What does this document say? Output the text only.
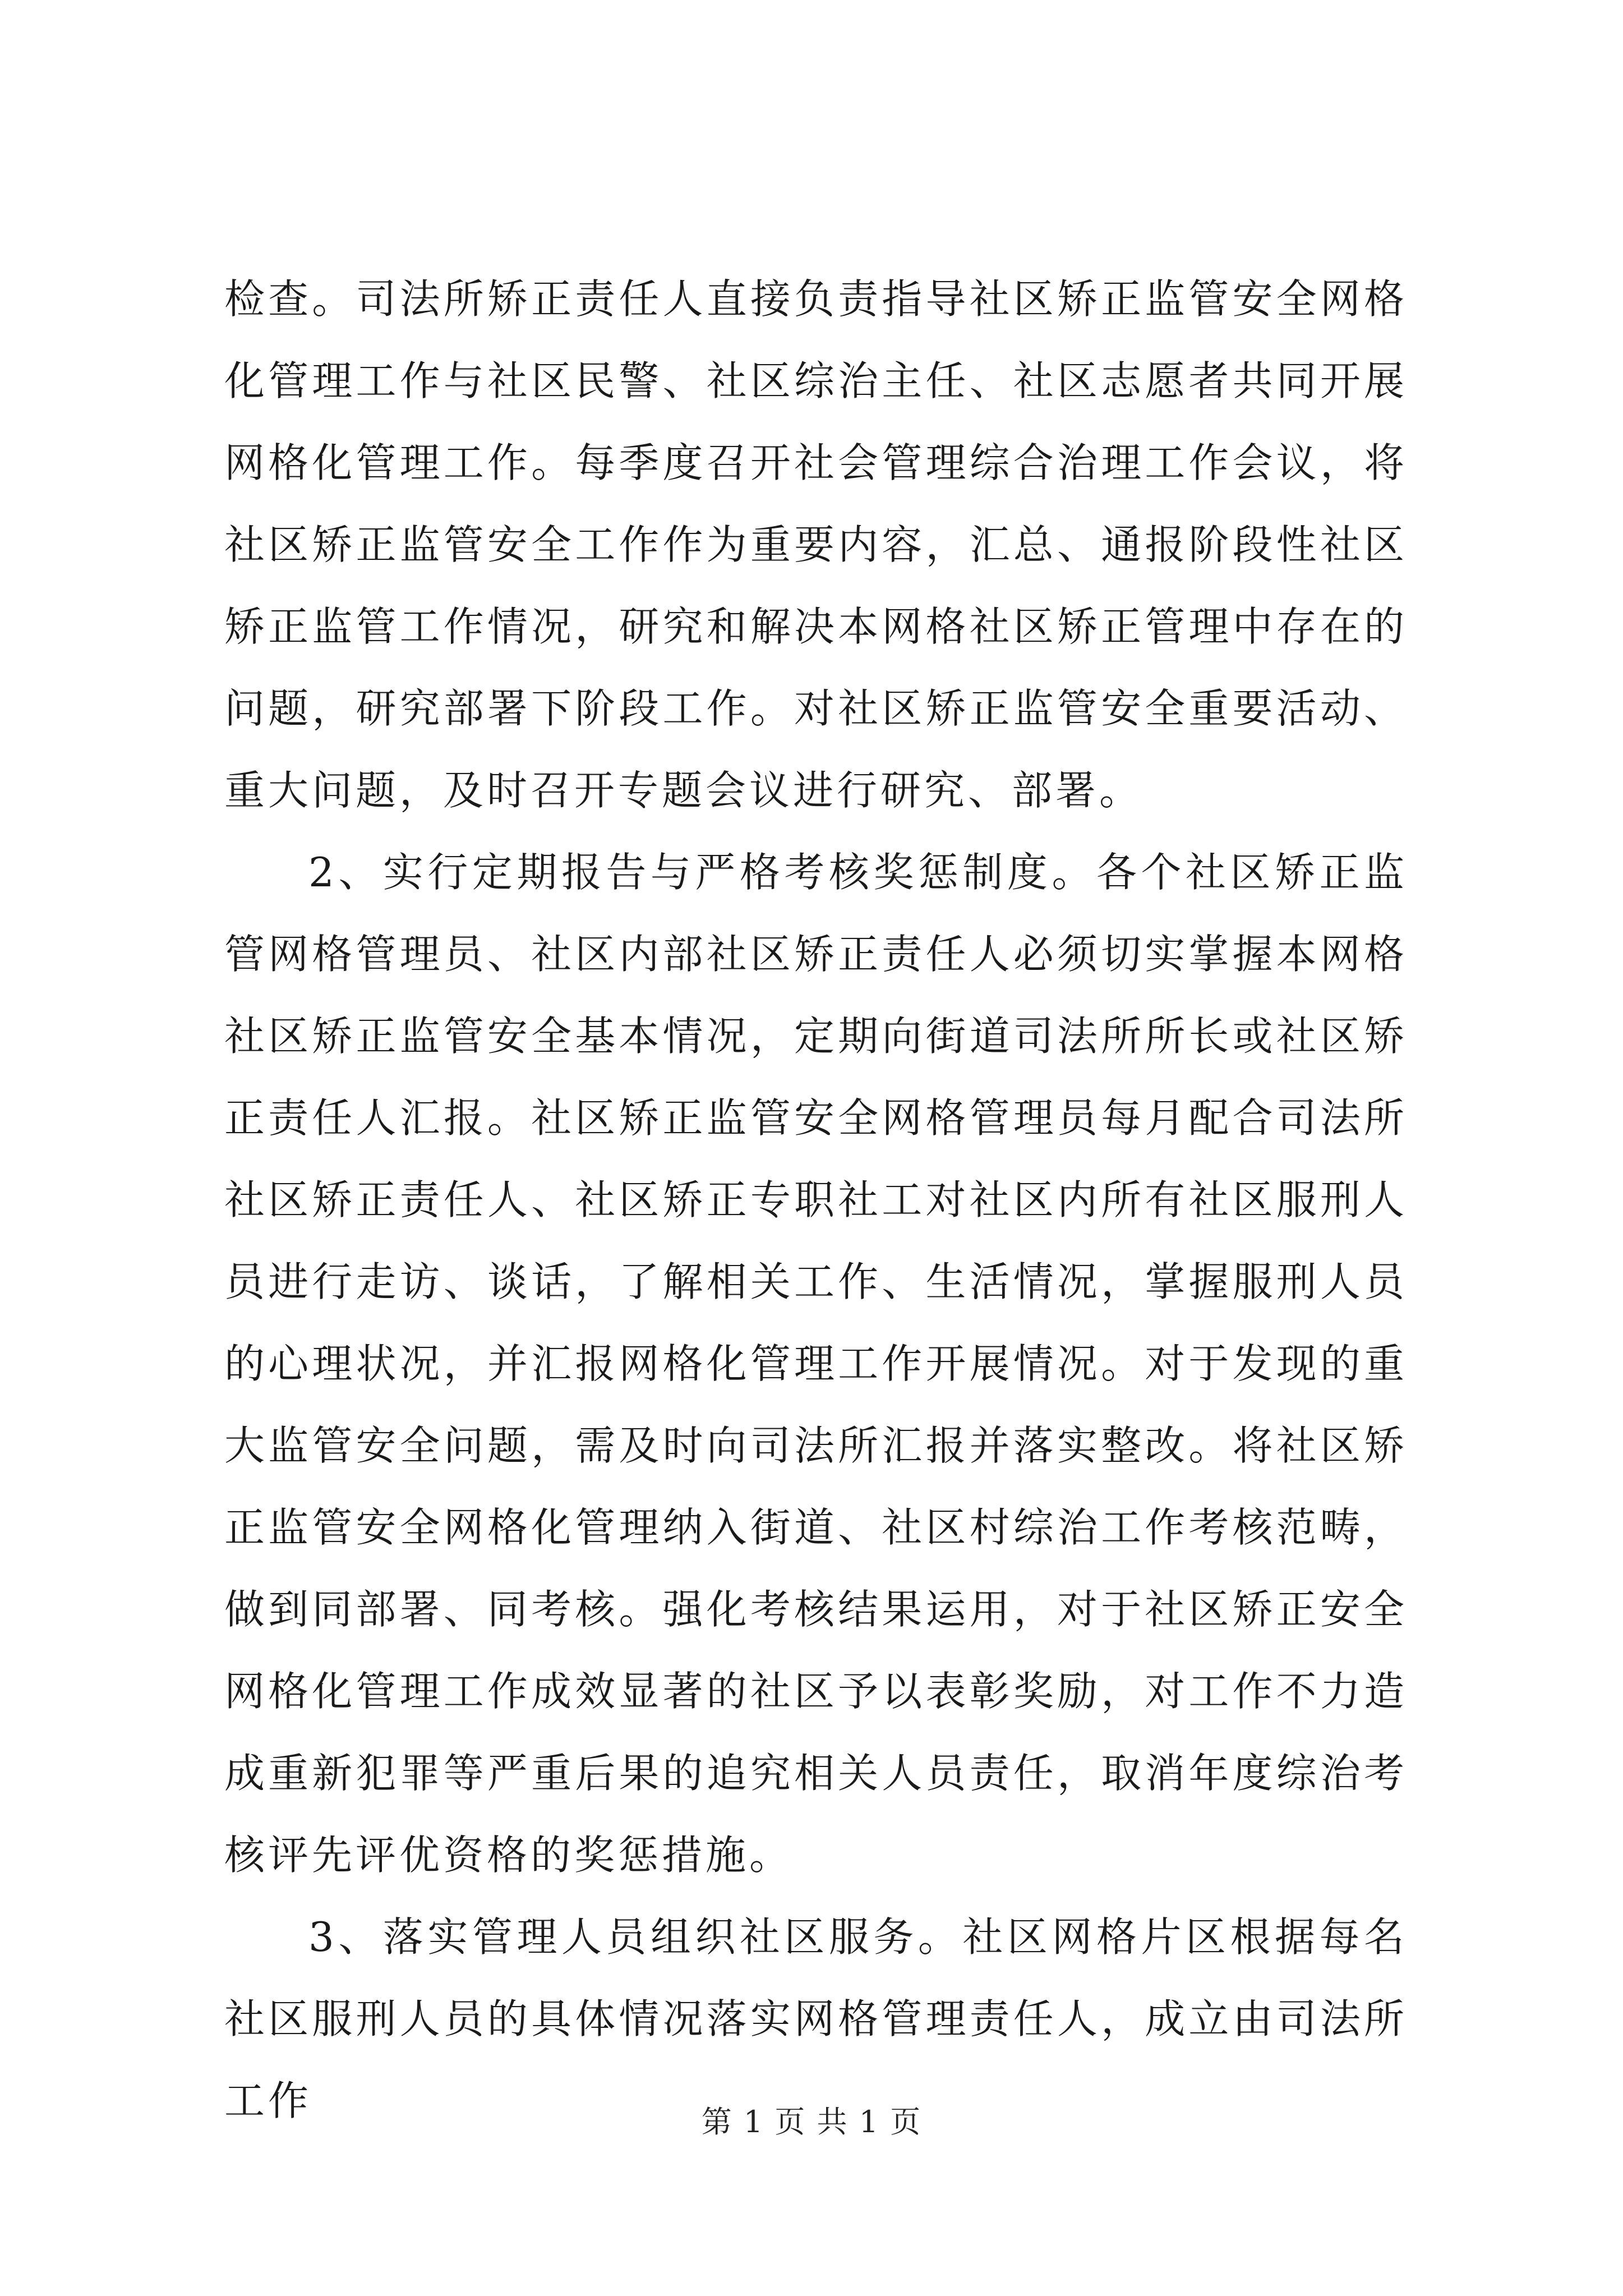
检查。司法所矫正责任人直接负责指导社区矫正监管安全网格化管理工作与社区民警、社区综治主任、社区志愿者共同开展网格化管理工作。每季度召开社会管理综合治理工作会议，将社区矫正监管安全工作作为重要内容，汇总、通报阶段性社区矫正监管工作情况，研究和解决本网格社区矫正管理中存在的问题，研究部署下阶段工作。对社区矫正监管安全重要活动、重大问题，及时召开专题会议进行研究、部署。

2、实行定期报告与严格考核奖惩制度。各个社区矫正监管网格管理员、社区内部社区矫正责任人必须切实掌握本网格社区矫正监管安全基本情况，定期向街道司法所所长或社区矫正责任人汇报。社区矫正监管安全网格管理员每月配合司法所社区矫正责任人、社区矫正专职社工对社区内所有社区服刑人员进行走访、谈话，了解相关工作、生活情况，掌握服刑人员的心理状况，并汇报网格化管理工作开展情况。对于发现的重大监管安全问题，需及时向司法所汇报并落实整改。将社区矫正监管安全网格化管理纳入街道、社区村综治工作考核范畴，做到同部署、同考核。强化考核结果运用，对于社区矫正安全网格化管理工作成效显著的社区予以表彰奖励，对工作不力造成重新犯罪等严重后果的追究相关人员责任，取消年度综治考核评先评优资格的奖惩措施。

3、落实管理人员组织社区服务。社区网格片区根据每名社区服刑人员的具体情况落实网格管理责任人，成立由司法所工作	第 1 页 共 1 页
